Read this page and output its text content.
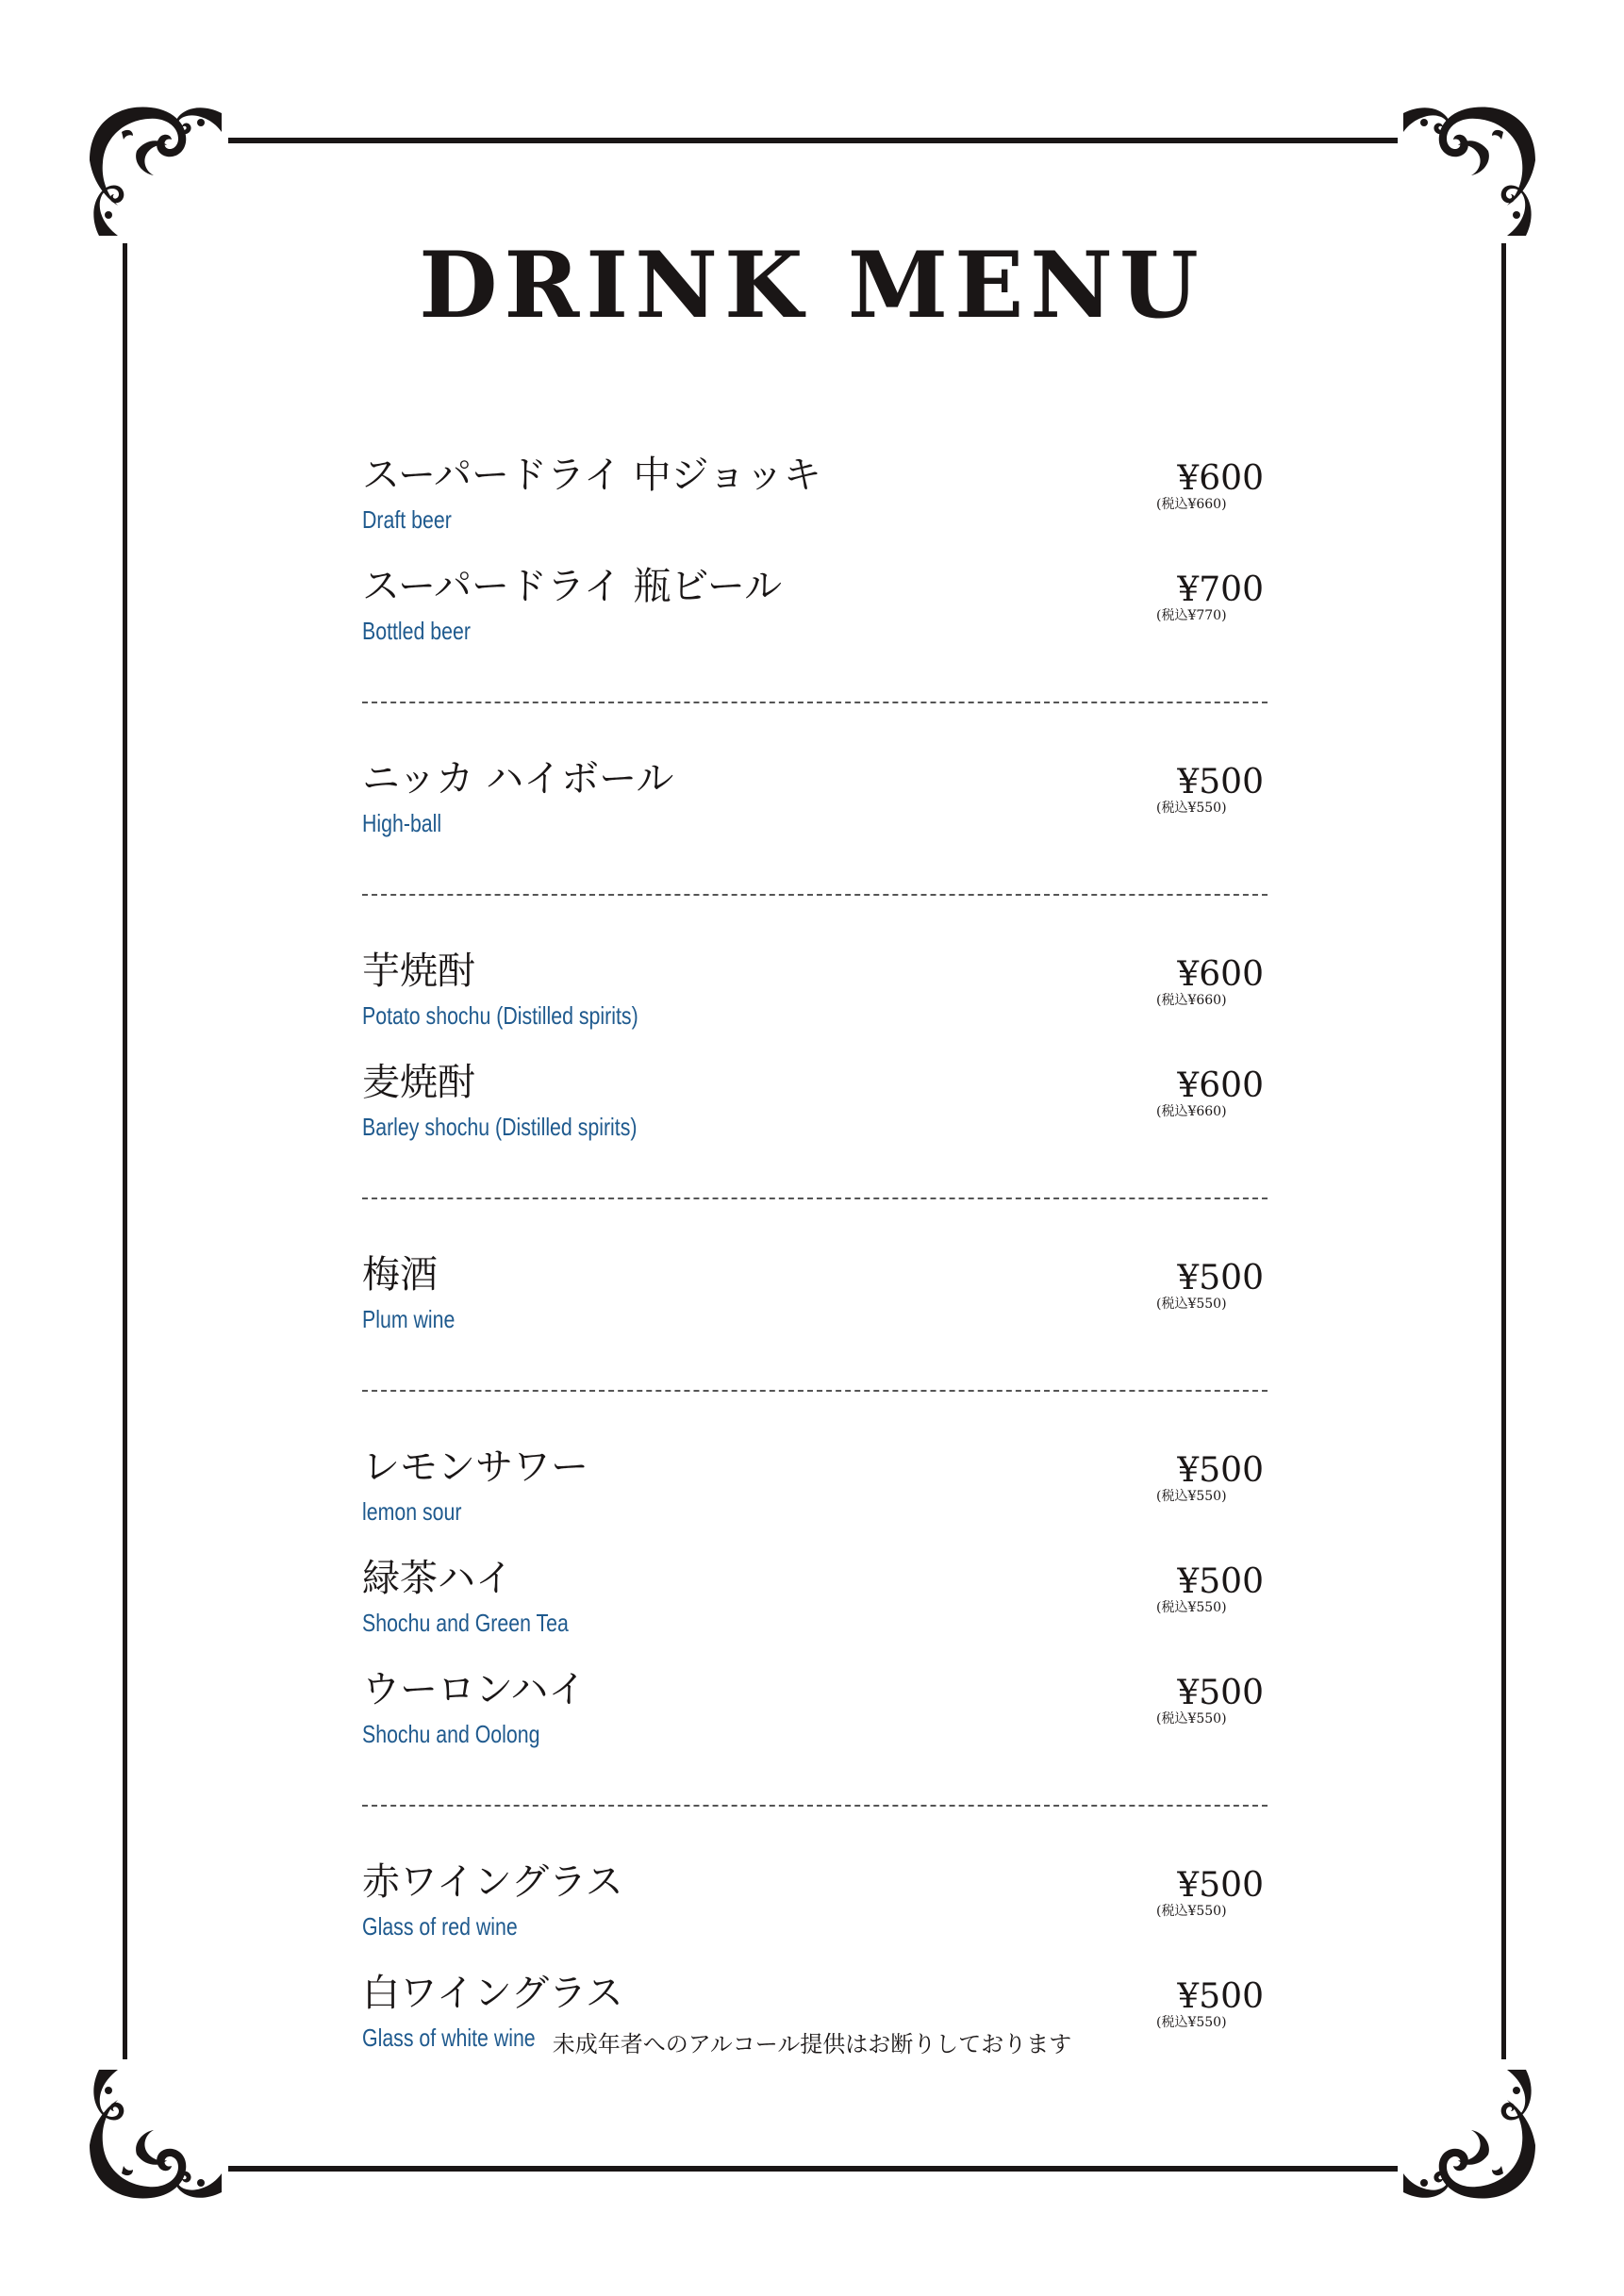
DRINK MENU
スーパードライ 中ジョッキ
Draft beer
¥600
(税込¥660)
スーパードライ 瓶ビール
Bottled beer
¥700
(税込¥770)
ニッカ ハイボール
High-ball
¥500
(税込¥550)
芋焼酎
Potato shochu (Distilled spirits)
¥600
(税込¥660)
麦焼酎
Barley shochu (Distilled spirits)
¥600
(税込¥660)
梅酒
Plum wine
¥500
(税込¥550)
レモンサワー
lemon sour
¥500
(税込¥550)
緑茶ハイ
Shochu and Green Tea
¥500
(税込¥550)
ウーロンハイ
Shochu and Oolong
¥500
(税込¥550)
赤ワイングラス
Glass of red wine
¥500
(税込¥550)
白ワイングラス
Glass of white wine
¥500
(税込¥550)
未成年者へのアルコール提供はお断りしております
